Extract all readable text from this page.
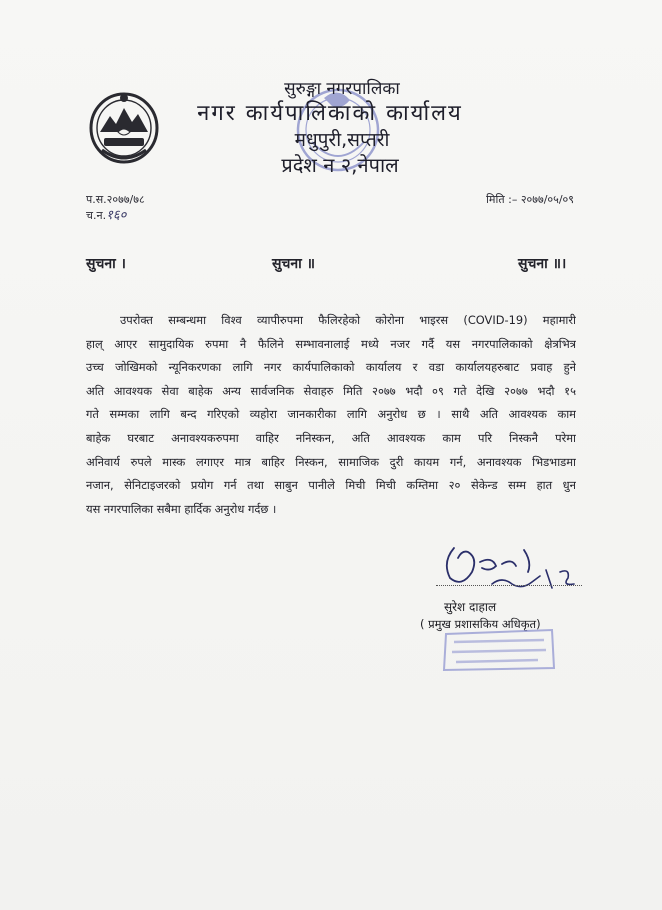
सुरुङ्गा नगरपालिका
नगर कार्यपालिकाको कार्यालय
मधुपुरी,सप्तरी
प्रदेश न २,नेपाल
प.स.२०७७/७८
च.न.१६०
मिति :– २०७७/०५/०९
सुचना ।	सुचना ॥	सुचना ॥।
उपरोक्त सम्बन्धमा विश्व व्यापीरुपमा फैलिरहेको कोरोना भाइरस (COVID-19) महामारी
हाल् आएर सामुदायिक रुपमा नै फैलिने सम्भावनालाई मध्ये नजर गर्दै यस नगरपालिकाको क्षेत्रभित्र
उच्च जोखिमको न्यूनिकरणका लागि नगर कार्यपालिकाको कार्यालय र वडा कार्यालयहरुबाट प्रवाह हुने
अति आवश्यक सेवा बाहेक अन्य सार्वजनिक सेवाहरु मिति २०७७ भदौ ०९ गते देखि २०७७ भदौ १५
गते सम्मका लागि बन्द गरिएको व्यहोरा जानकारीका लागि अनुरोध छ । साथै अति आवश्यक काम
बाहेक घरबाट अनावश्यकरुपमा वाहिर ननिस्कन, अति आवश्यक काम परि निस्कनै परेमा
अनिवार्य रुपले मास्क लगाएर मात्र बाहिर निस्कन, सामाजिक दुरी कायम गर्न, अनावश्यक भिडभाडमा
नजान, सेनिटाइजरको प्रयोग गर्न तथा साबुन पानीले मिची मिची कम्तिमा २० सेकेन्ड सम्म हात धुन
यस नगरपालिका सबैमा हार्दिक अनुरोध गर्दछ ।
सुरेश दाहाल
( प्रमुख प्रशासकिय अधिकृत)
